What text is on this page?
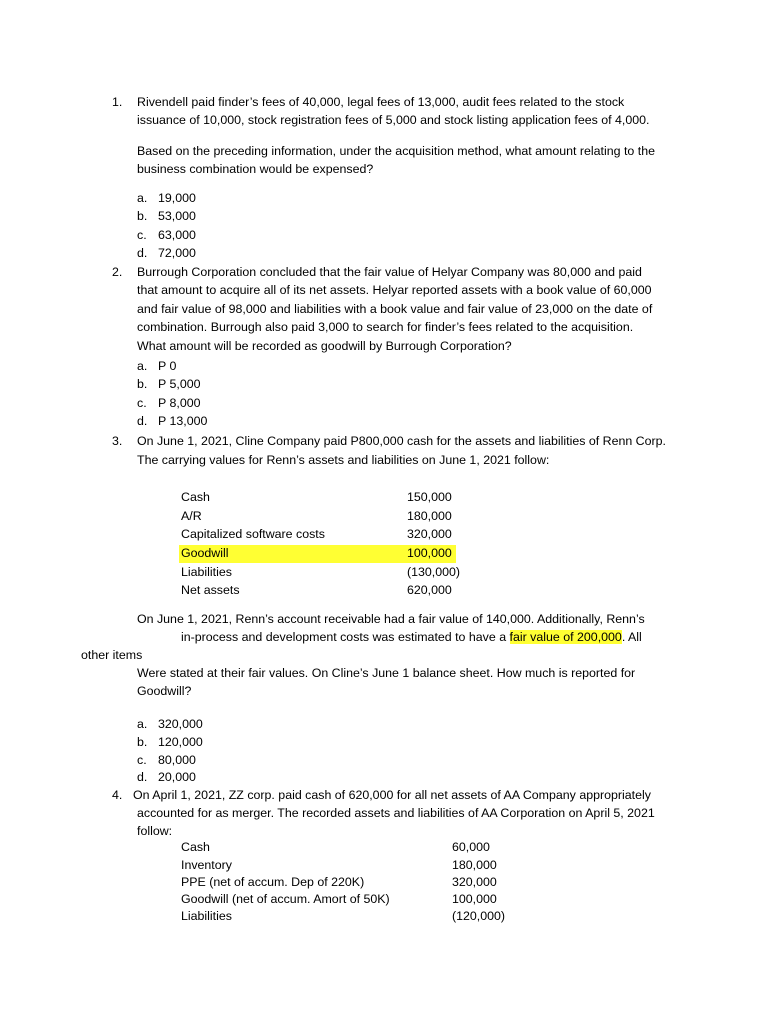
1. Rivendell paid finder’s fees of 40,000, legal fees of 13,000, audit fees related to the stock
issuance of 10,000, stock registration fees of 5,000 and stock listing application fees of 4,000.
Based on the preceding information, under the acquisition method, what amount relating to the
business combination would be expensed?
a. 19,000
b. 53,000
c. 63,000
d. 72,000
2. Burrough Corporation concluded that the fair value of Helyar Company was 80,000 and paid
that amount to acquire all of its net assets. Helyar reported assets with a book value of 60,000
and fair value of 98,000 and liabilities with a book value and fair value of 23,000 on the date of
combination. Burrough also paid 3,000 to search for finder’s fees related to the acquisition.
What amount will be recorded as goodwill by Burrough Corporation?
a. P 0
b. P 5,000
c. P 8,000
d. P 13,000
3. On June 1, 2021, Cline Company paid P800,000 cash for the assets and liabilities of Renn Corp.
The carrying values for Renn’s assets and liabilities on June 1, 2021 follow:
Cash	150,000
A/R	180,000
Capitalized software costs	320,000
Goodwill	100,000
Liabilities	(130,000)
Net assets	620,000
On June 1, 2021, Renn’s account receivable had a fair value of 140,000. Additionally, Renn’s
in-process and development costs was estimated to have a fair value of 200,000. All
other items
Were stated at their fair values. On Cline’s June 1 balance sheet. How much is reported for
Goodwill?
a. 320,000
b. 120,000
c. 80,000
d. 20,000
4. On April 1, 2021, ZZ corp. paid cash of 620,000 for all net assets of AA Company appropriately
accounted for as merger. The recorded assets and liabilities of AA Corporation on April 5, 2021
follow:
Cash	60,000
Inventory	180,000
PPE (net of accum. Dep of 220K)	320,000
Goodwill (net of accum. Amort of 50K)	100,000
Liabilities	(120,000)
